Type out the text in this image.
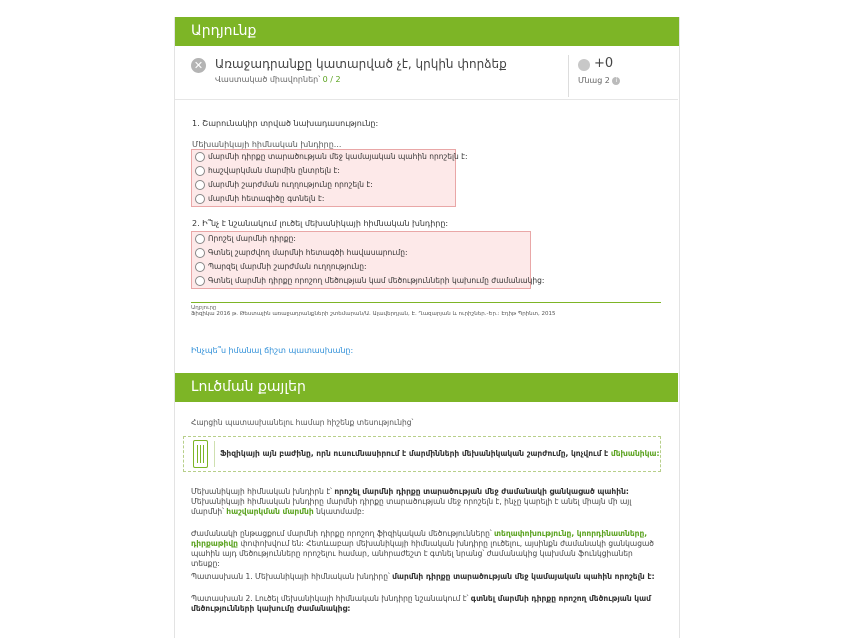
Արդյունք
✕ Առաջադրանքը կատարված չէ, կրկին փորձեք
Վաստակած միավորներ՝ 0 / 2
+0
Մնաց 2 i
1. Շարունակիր տրված նախադասությունը:
Մեխանիկայի հիմնական խնդիրը...
մարմնի դիրքը տարածության մեջ կամայական պահին որոշելն է:
հաշվարկման մարմին ընտրելն է:
մարմնի շարժման ուղղությունը որոշելն է:
մարմնի հետագիծը գտնելն է:
2. Ի՞նչ է նշանակում լուծել մեխանիկայի հիմնական խնդիրը:
Որոշել մարմնի դիրքը:
Գտնել շարժվող մարմնի հետագծի հավասարումը:
Պարզել մարմնի շարժման ուղղությունը:
Գտնել մարմնի դիրքը որոշող մեծության կամ մեծությունների կախումը ժամանակից:
Աղբյուրը
Ֆիզիկա 2016 թ. Թեստային առաջադրանքների շտեմարան/Ա. Ալավերդյան, Է. Ղազարյան և ուրիշներ.-Եր.: Էդիթ Պրինտ, 2015
Ինչպե՞ս իմանալ ճիշտ պատասխանը:
Լուծման քայլեր
Հարցին պատասխանելու համար հիշենք տեսությունից՝
Ֆիզիկայի այն բաժինը, որն ուսումնասիրում է մարմինների մեխանիկական շարժումը, կոչվում է մեխանիկա:
Մեխանիկայի հիմնական խնդիրն է՝ որոշել մարմնի դիրքը տարածության մեջ ժամանակի ցանկացած պահին: Մեխանիկայի հիմնական խնդիրը մարմնի դիրքը տարածության մեջ որոշելն է, ինչը կարելի է անել միայն մի այլ մարմնի՝ հաշվարկման մարմնի նկատմամբ:
Ժամանակի ընթացքում մարմնի դիրքը որոշող ֆիզիկական մեծությունները՝ տեղափոխությունը, կոորդինատները, դիրքաթիվը փոփոխվում են: Հետևաբար մեխանիկայի հիմնական խնդիրը լուծելու, այսինքն ժամանակի ցանկացած պահին այդ մեծությունները որոշելու համար, անհրաժեշտ է գտնել նրանց՝ ժամանակից կախման ֆունկցիաներ տեսքը:
Պատասխան 1. Մեխանիկայի հիմնական խնդիրը՝ մարմնի դիրքը տարածության մեջ կամայական պահին որոշելն է:
Պատասխան 2. Լուծել մեխանիկայի հիմնական խնդիրը նշանակում է՝ գտնել մարմնի դիրքը որոշող մեծության կամ մեծությունների կախումը ժամանակից:
